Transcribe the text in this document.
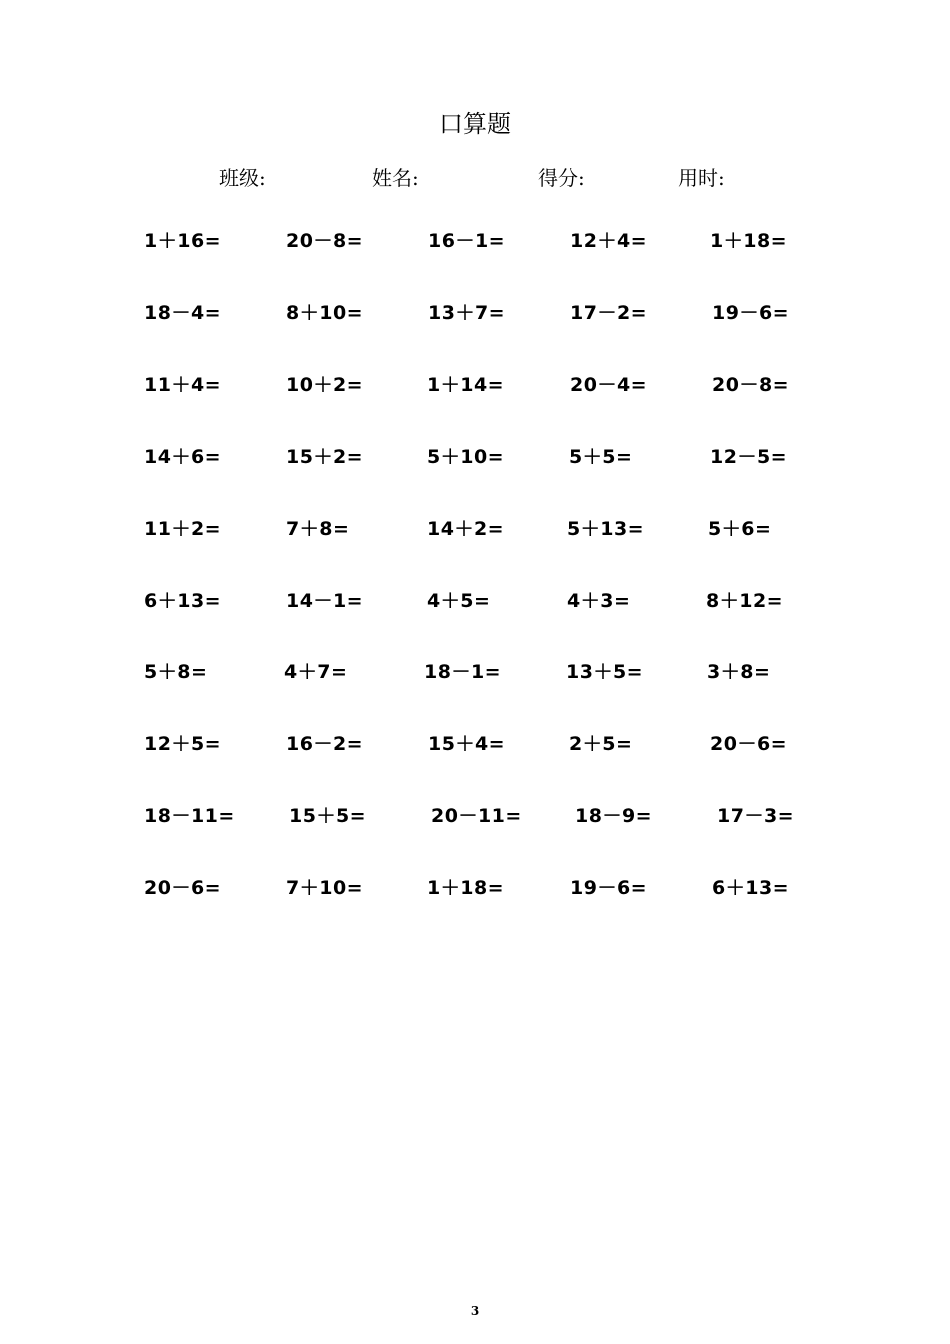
口算题
班级:	姓名:	得分:	用时:
1＋16=	20－8=	16－1=	12＋4=	1＋18=
18－4=	8＋10=	13＋7=	17－2=	19－6=
11＋4=	10＋2=	1＋14=	20－4=	20－8=
14＋6=	15＋2=	5＋10=	5＋5=	12－5=
11＋2=	7＋8=	14＋2=	5＋13=	5＋6=
6＋13=	14－1=	4＋5=	4＋3=	8＋12=
5＋8=	4＋7=	18－1=	13＋5=	3＋8=
12＋5=	16－2=	15＋4=	2＋5=	20－6=
18－11=	15＋5=	20－11=	18－9=	17－3=
20－6=	7＋10=	1＋18=	19－6=	6＋13=
3
